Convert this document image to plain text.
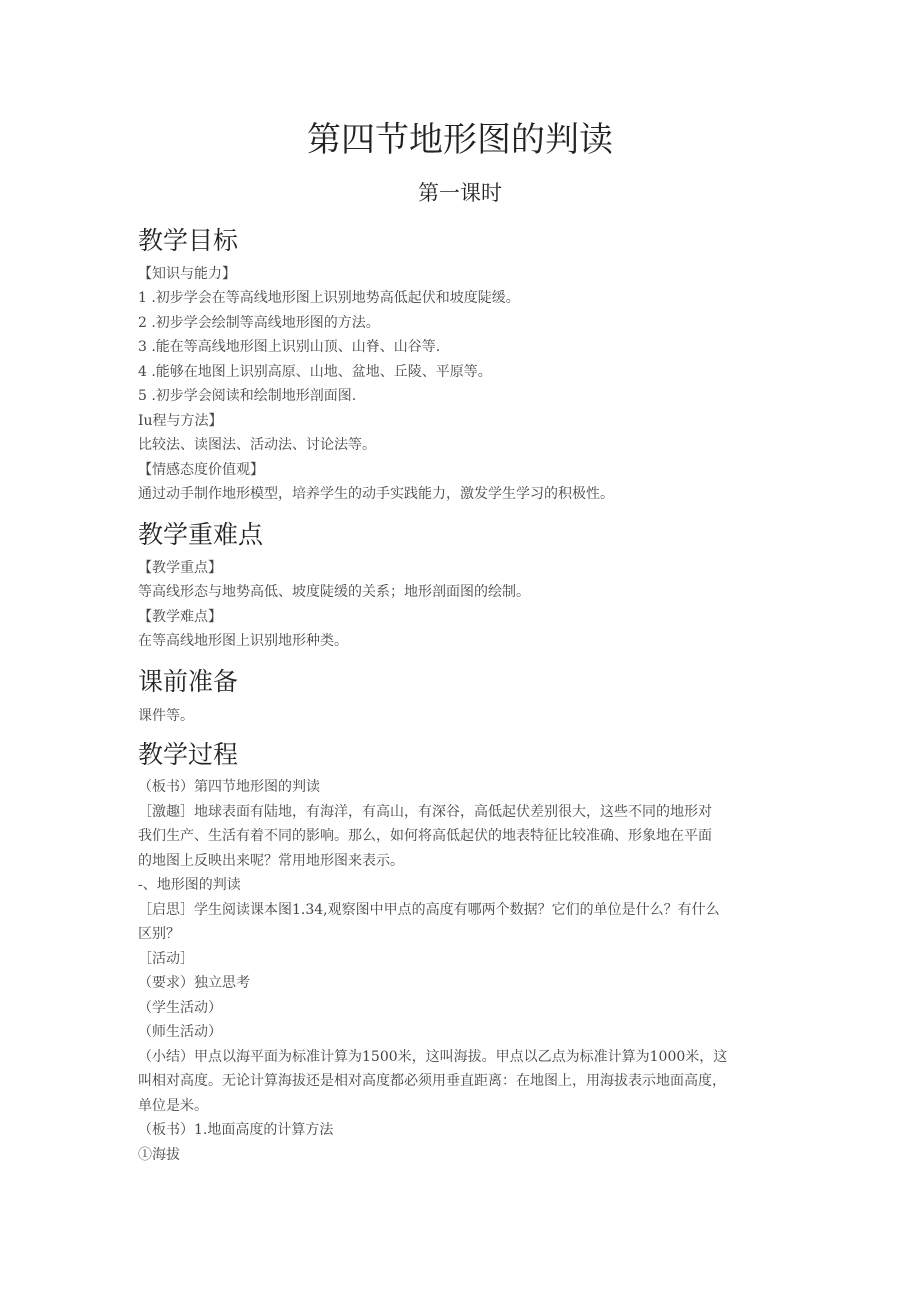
第四节地形图的判读
第一课时
教学目标
【知识与能力】
1 .初步学会在等高线地形图上识别地势高低起伏和坡度陡缓。
2 .初步学会绘制等高线地形图的方法。
3 .能在等高线地形图上识别山顶、山脊、山谷等.
4 .能够在地图上识别高原、山地、盆地、丘陵、平原等。
5 .初步学会阅读和绘制地形剖面图.
Iu程与方法】
比较法、读图法、活动法、讨论法等。
【情感态度价值观】
通过动手制作地形模型，培养学生的动手实践能力，激发学生学习的积极性。
教学重难点
【教学重点】
等高线形态与地势高低、坡度陡缓的关系；地形剖面图的绘制。
【教学难点】
在等高线地形图上识别地形种类。
课前准备
课件等。
教学过程
（板书）第四节地形图的判读
［激趣］地球表面有陆地，有海洋，有高山，有深谷，高低起伏差别很大，这些不同的地形对
我们生产、生活有着不同的影响。那么，如何将高低起伏的地表特征比较准确、形象地在平面
的地图上反映出来呢？常用地形图来表示。
-、地形图的判读
［启思］学生阅读课本图1.34,观察图中甲点的高度有哪两个数据？它们的单位是什么？有什么
区别？
［活动］
（要求）独立思考
（学生活动）
（师生活动）
（小结）甲点以海平面为标准计算为1500米，这叫海拔。甲点以乙点为标准计算为1000米，这
叫相对高度。无论计算海拔还是相对高度都必须用垂直距离：在地图上，用海拔表示地面高度，
单位是米。
（板书）1.地面高度的计算方法
①海拔
